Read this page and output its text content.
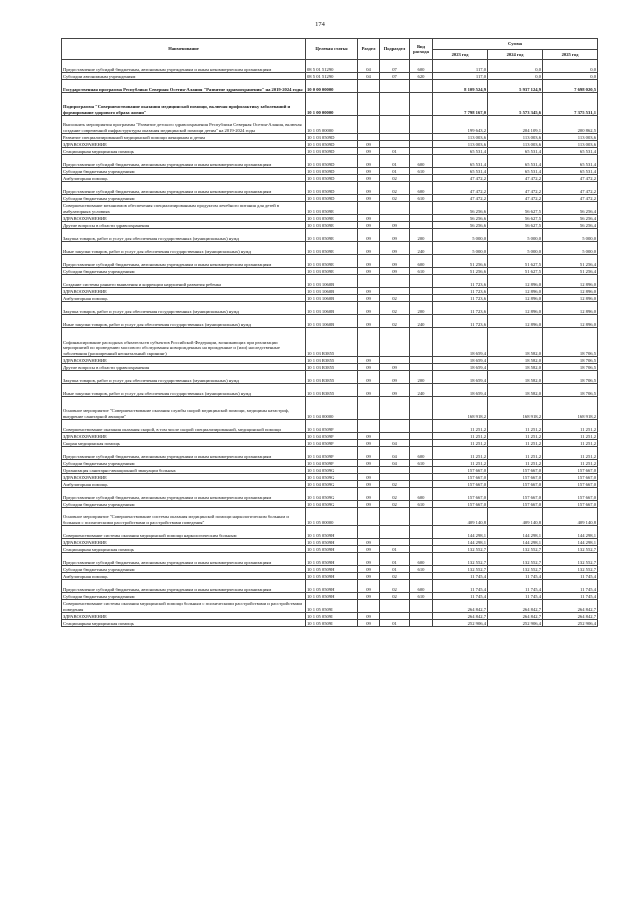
174
Наименование	Целевая статья	Раздел	Подраздел	Вид расхода	Сумма		
					2023 год	2024 год	2025 год
Предоставление субсидий бюджетным, автономным учреждениям и иным некоммерческим организациям	08 5 01 51290	04	07	600	117,0	0,0	0,0
Субсидии автономным учреждениям	08 5 01 51290	04	07	620	117,0	0,0	0,0
Государственная программа Республики Северная Осетия-Алания "Развитие здравоохранения" на 2019-2024 годы	10 0 00 00000				8 109 524,9	5 937 124,9	7 698 020,5
Подпрограмма "Совершенствование оказания медицинской помощи, включая профилактику заболеваний и формирование здорового образа жизни"	10 1 00 00000				7 798 167,0	5 573 345,6	7 375 531,1
Выполнить мероприятия программы "Развитие детского здравоохранения Республики Северная Осетия-Алания, включая создание современной инфраструктуры оказания медицинской помощи детям" на 2019-2024 годы	10 1 05 00000				199 643,2	204 109,1	200 862,5
Развитие специализированной медицинской помощи женщинам и детям	10 1 03 0509D				113 003,6	113 003,6	113 003,6
ЗДРАВООХРАНЕНИЕ	10 1 03 0509D	09			113 003,6	113 003,6	113 003,6
Стационарная медицинская помощь	10 1 03 0509D	09	01		65 531,4	65 531,4	65 531,4
Предоставление субсидий бюджетным, автономным учреждениям и иным некоммерческим организациям	10 1 03 0509D	09	01	600	65 531,4	65 531,4	65 531,4
Субсидии бюджетным учреждениям	10 1 03 0509D	09	01	610	65 531,4	65 531,4	65 531,4
Амбулаторная помощь	10 1 03 0509D	09	02		47 472,2	47 472,2	47 472,2
Предоставление субсидий бюджетным, автономным учреждениям и иным некоммерческим организациям	10 1 03 0509D	09	02	600	47 472,2	47 472,2	47 472,2
Субсидии бюджетным учреждениям	10 1 03 0509D	09	02	610	47 472,2	47 472,2	47 472,2
Совершенствование механизмов обеспечения специализированным продуктом лечебного питания для детей в амбулаторных условиях	10 1 03 0509E				56 256,6	56 627,5	56 256,4
ЗДРАВООХРАНЕНИЕ	10 1 03 0509E	09			56 256,6	56 627,5	56 256,4
Другие вопросы в области здравоохранения	10 1 03 0509E	09	09		56 256,6	56 627,5	56 256,4
Закупка товаров, работ и услуг для обеспечения государственных (муниципальных) нужд	10 1 03 0509E	09	09	200	5 000,0	5 000,0	5 000,0
Иные закупки товаров, работ и услуг для обеспечения государственных (муниципальных) нужд	10 1 03 0509E	09	09	240	5 000,0	5 000,0	5 000,0
Предоставление субсидий бюджетным, автономным учреждениям и иным некоммерческим организациям	10 1 03 0509E	09	09	600	51 256,6	51 627,5	51 256,4
Субсидии бюджетным учреждениям	10 1 03 0509E	09	09	610	51 256,6	51 627,5	51 256,4
Создание системы раннего выявления и коррекции нарушений развития ребенка	10 1 03 1060B				11 723,6	12 896,0	12 896,0
ЗДРАВООХРАНЕНИЕ	10 1 03 1060B	09			11 723,6	12 896,0	12 896,0
Амбулаторная помощь	10 1 03 1060B	09	02		11 723,6	12 896,0	12 896,0
Закупка товаров, работ и услуг для обеспечения государственных (муниципальных) нужд	10 1 03 1060B	09	02	200	11 723,6	12 896,0	12 896,0
Иные закупки товаров, работ и услуг для обеспечения государственных (муниципальных) нужд	10 1 03 1060B	09	02	240	11 723,6	12 896,0	12 896,0
Софинансирование расходных обязательств субъектов Российской Федерации, возникающих при реализации мероприятий по проведению массового обследования новорожденных на врожденные и (или) наследственные заболевания (расширенный неонатальный скрининг)	10 1 03 R3855				18 659,4	18 582,0	18 706,5
ЗДРАВООХРАНЕНИЕ	10 1 03 R3855	09			18 659,4	18 582,0	18 706,5
Другие вопросы в области здравоохранения	10 1 03 R3855	09	09		18 659,4	18 582,0	18 706,5
Закупка товаров, работ и услуг для обеспечения государственных (муниципальных) нужд	10 1 03 R3855	09	09	200	18 659,4	18 582,0	18 706,5
Иные закупки товаров, работ и услуг для обеспечения государственных (муниципальных) нужд	10 1 03 R3855	09	09	240	18 659,4	18 582,0	18 706,5
Основное мероприятие "Совершенствование оказания службы скорой медицинской помощи, медицины катастроф, внедрение санитарной авиации"	10 1 04 00000				168 918,2	168 918,2	168 918,2
Совершенствование оказания оказания скорой, в том числе скорой специализированной, медицинской помощи	10 1 04 0509F				11 251,2	11 251,2	11 251,2
ЗДРАВООХРАНЕНИЕ	10 1 04 0509F	09			11 251,2	11 251,2	11 251,2
Скорая медицинская помощь	10 1 04 0509F	09	04		11 251,2	11 251,2	11 251,2
Предоставление субсидий бюджетным, автономным учреждениям и иным некоммерческим организациям	10 1 04 0509F	09	04	600	11 251,2	11 251,2	11 251,2
Субсидии бюджетным учреждениям	10 1 04 0509F	09	04	610	11 251,2	11 251,2	11 251,2
Организация санитарно-авиационной эвакуации больных	10 1 04 0509G				157 667,0	157 667,0	157 667,0
ЗДРАВООХРАНЕНИЕ	10 1 04 0509G	09			157 667,0	157 667,0	157 667,0
Амбулаторная помощь	10 1 04 0509G	09	02		157 667,0	157 667,0	157 667,0
Предоставление субсидий бюджетным, автономным учреждениям и иным некоммерческим организациям	10 1 04 0509G	09	02	600	157 667,0	157 667,0	157 667,0
Субсидии бюджетным учреждениям	10 1 04 0509G	09	02	610	157 667,0	157 667,0	157 667,0
Основное мероприятие "Совершенствование системы оказания медицинской помощи наркологическим больным и больным с психическими расстройствами и расстройствами поведения"	10 1 05 00000				409 140,8	409 140,8	409 140,8
Совершенствование системы оказания медицинской помощи наркологическим больным	10 1 05 0509H				144 298,1	144 298,1	144 298,1
ЗДРАВООХРАНЕНИЕ	10 1 05 0509H	09			144 298,1	144 298,1	144 298,1
Стационарная медицинская помощь	10 1 05 0509H	09	01		132 552,7	132 552,7	132 552,7
Предоставление субсидий бюджетным, автономным учреждениям и иным некоммерческим организациям	10 1 05 0509H	09	01	600	132 552,7	132 552,7	132 552,7
Субсидии бюджетным учреждениям	10 1 05 0509H	09	01	610	132 552,7	132 552,7	132 552,7
Амбулаторная помощь	10 1 05 0509H	09	02		11 745,4	11 745,4	11 745,4
Предоставление субсидий бюджетным, автономным учреждениям и иным некоммерческим организациям	10 1 05 0509H	09	02	600	11 745,4	11 745,4	11 745,4
Субсидии бюджетным учреждениям	10 1 05 0509H	09	02	610	11 745,4	11 745,4	11 745,4
Совершенствование системы оказания медицинской помощи больным с психическими расстройствами и расстройствами поведения	10 1 05 0509I				264 842,7	264 842,7	264 842,7
ЗДРАВООХРАНЕНИЕ	10 1 05 0509I	09			264 842,7	264 842,7	264 842,7
Стационарная медицинская помощь	10 1 05 0509I	09	01		252 906,4	252 906,4	252 906,4
